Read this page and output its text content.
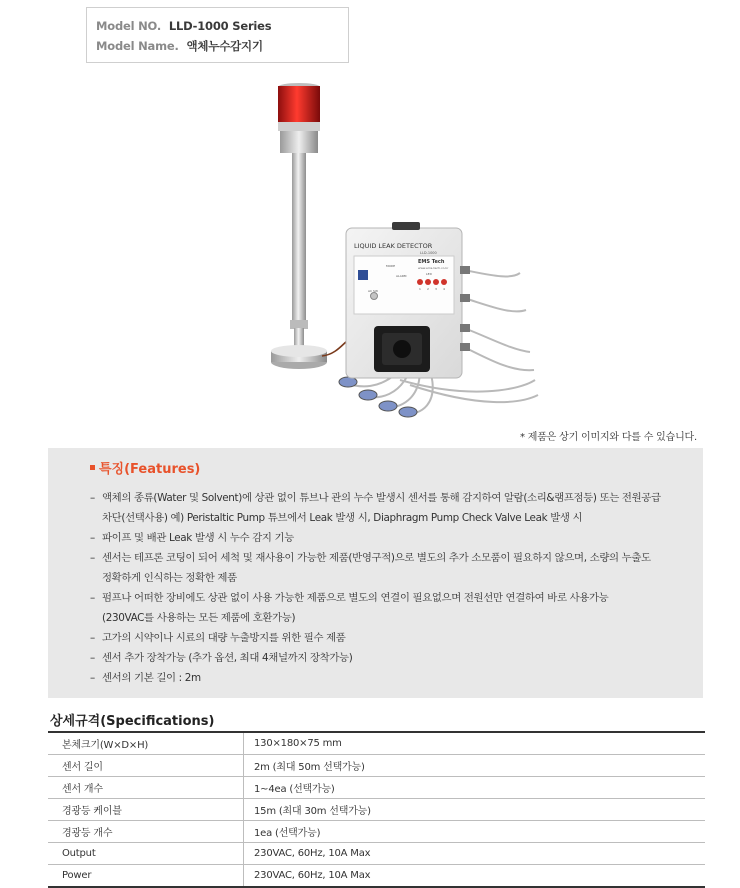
Model NO. LLD-1000 Series
Model Name. 액체누수감지기
LIQUID LEAK DETECTOR
LLD-1000
EMS Tech
www.ems-tech.co.kr
MODE
ALARM
AC SW
LED
1 2 3 4
* 제품은 상기 이미지와 다를 수 있습니다.
특징(Features)
– 액체의 종류(Water 및 Solvent)에 상관 없이 튜브나 관의 누수 발생시 센서를 통해 감지하여 알람(소리&램프점등) 또는 전원공급
차단(선택사용) 예) Peristaltic Pump 튜브에서 Leak 발생 시, Diaphragm Pump Check Valve Leak 발생 시
– 파이프 및 배관 Leak 발생 시 누수 감지 기능
– 센서는 테프론 코팅이 되어 세척 및 재사용이 가능한 제품(반영구적)으로 별도의 추가 소모품이 필요하지 않으며, 소량의 누출도
정확하게 인식하는 정확한 제품
– 펌프나 어떠한 장비에도 상관 없이 사용 가능한 제품으로 별도의 연결이 필요없으며 전원선만 연결하여 바로 사용가능
(230VAC를 사용하는 모든 제품에 호환가능)
– 고가의 시약이나 시료의 대량 누출방지를 위한 필수 제품
– 센서 추가 장착가능 (추가 옵션, 최대 4채널까지 장착가능)
– 센서의 기본 길이 : 2m
상세규격(Specifications)
본체크기(W×D×H)	130×180×75 mm
센서 길이	2m (최대 50m 선택가능)
센서 개수	1~4ea (선택가능)
경광등 케이블	15m (최대 30m 선택가능)
경광등 개수	1ea (선택가능)
Output	230VAC, 60Hz, 10A Max
Power	230VAC, 60Hz, 10A Max
